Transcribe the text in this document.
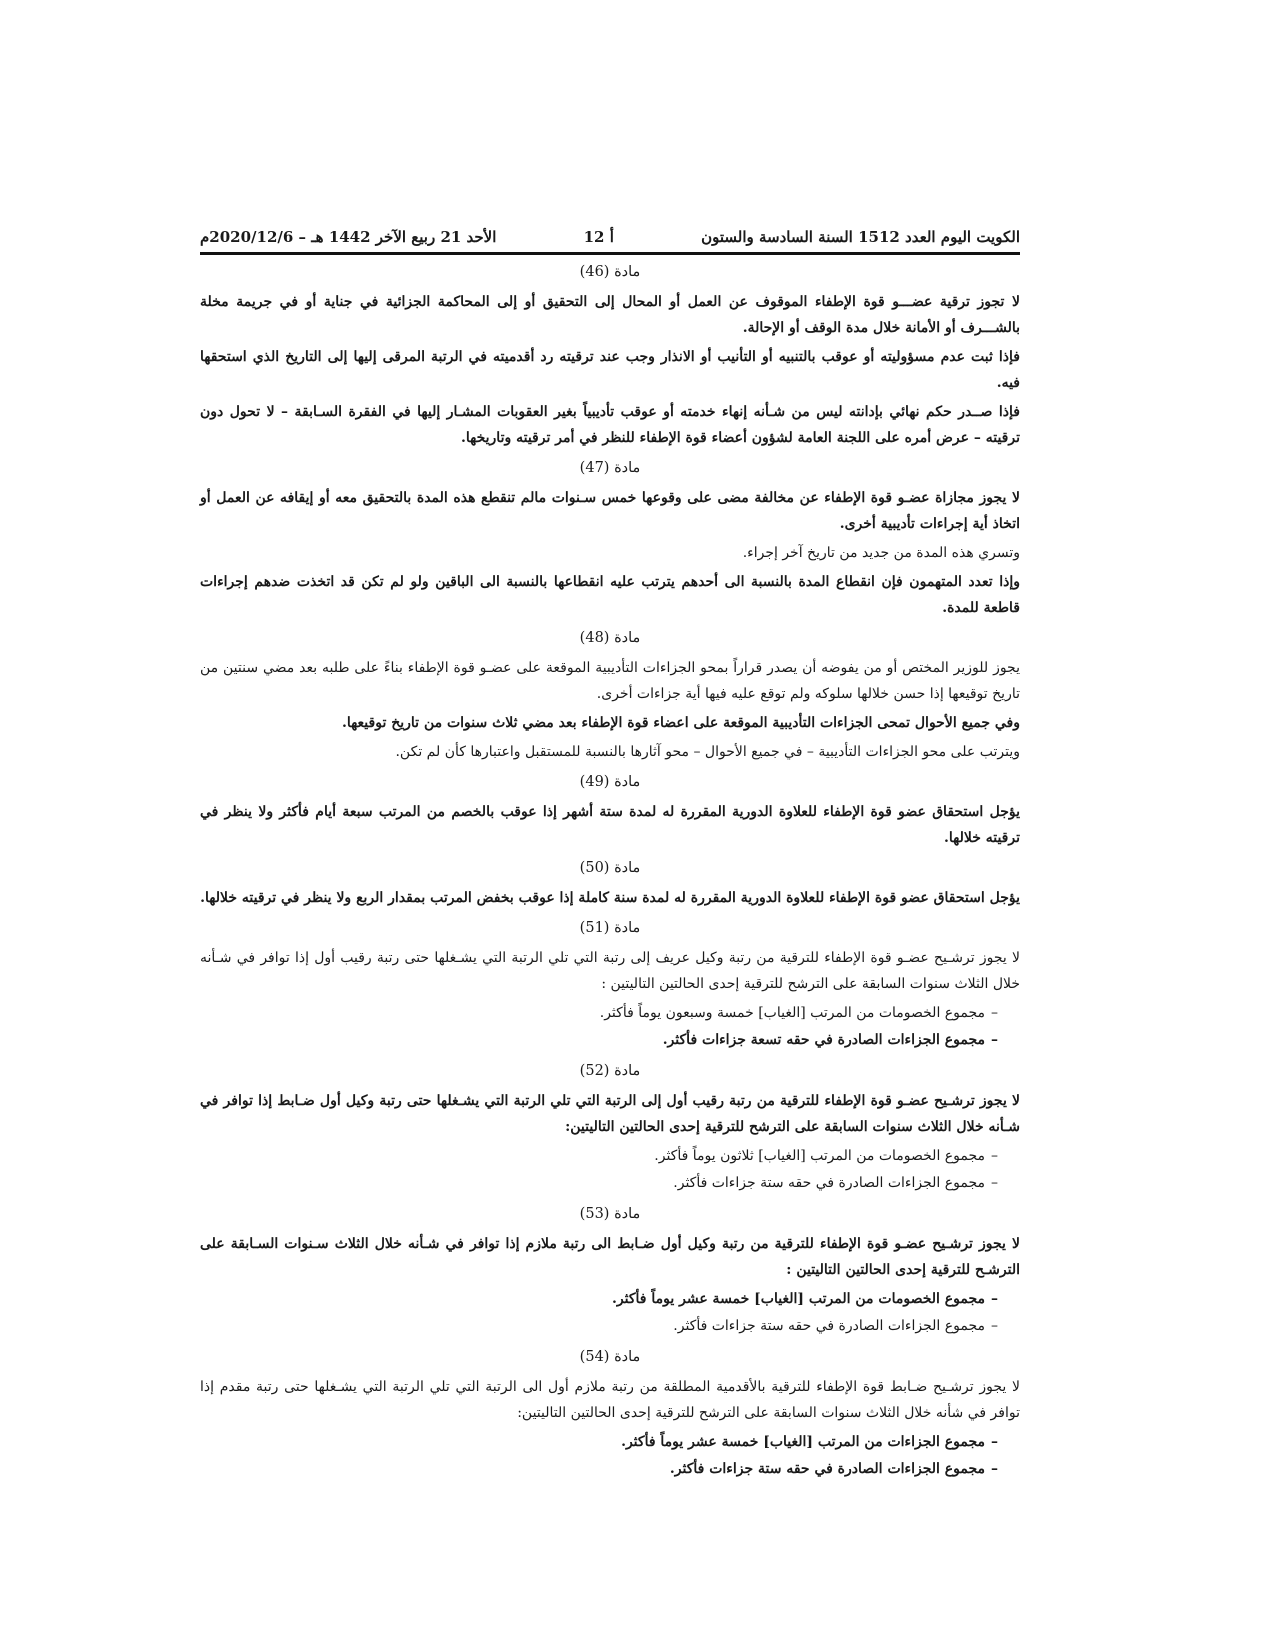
الكويت اليوم العدد 1512 السنة السادسة والستون
أ 12
الأحد 21 ربيع الآخر 1442 هـ – 2020/12/6م
مادة (46)

لا تجوز ترقية عضـــو قوة الإطفاء الموقوف عن العمل أو المحال إلى التحقيق أو إلى المحاكمة الجزائية في جناية أو في جريمة مخلة بالشـــرف أو الأمانة خلال مدة الوقف أو الإحالة.

فإذا ثبت عدم مسؤوليته أو عوقب بالتنبيه أو التأنيب أو الانذار وجب عند ترقيته رد أقدميته في الرتبة المرقى إليها إلى التاريخ الذي استحقها فيه.

فإذا صــدر حكم نهائي بإدانته ليس من شـأنه إنهاء خدمته أو عوقب تأديبياً بغير العقوبات المشـار إليها في الفقرة السـابقة – لا تحول دون ترقيته – عرض أمره على اللجنة العامة لشؤون أعضاء قوة الإطفاء للنظر في أمر ترقيته وتاريخها.

مادة (47)

لا يجوز مجازاة عضـو قوة الإطفاء عن مخالفة مضى على وقوعها خمس سـنوات مالم تنقطع هذه المدة بالتحقيق معه أو إيقافه عن العمل أو اتخاذ أية إجراءات تأديبية أخرى.

وتسري هذه المدة من جديد من تاريخ آخر إجراء.

وإذا تعدد المتهمون فإن انقطاع المدة بالنسبة الى أحدهم يترتب عليه انقطاعها بالنسبة الى الباقين ولو لم تكن قد اتخذت ضدهم إجراءات قاطعة للمدة.

مادة (48)

يجوز للوزير المختص أو من يفوضه أن يصدر قراراً بمحو الجزاءات التأديبية الموقعة على عضـو قوة الإطفاء بناءً على طلبه بعد مضي سنتين من تاريخ توقيعها إذا حسن خلالها سلوكه ولم توقع عليه فيها أية جزاءات أخرى.

وفي جميع الأحوال تمحى الجزاءات التأديبية الموقعة على اعضاء قوة الإطفاء بعد مضي ثلاث سنوات من تاريخ توقيعها.

ويترتب على محو الجزاءات التأديبية – في جميع الأحوال – محو آثارها بالنسبة للمستقبل واعتبارها كأن لم تكن.

مادة (49)

يؤجل استحقاق عضو قوة الإطفاء للعلاوة الدورية المقررة له لمدة ستة أشهر إذا عوقب بالخصم من المرتب سبعة أيام فأكثر ولا ينظر في ترقيته خلالها.

مادة (50)

يؤجل استحقاق عضو قوة الإطفاء للعلاوة الدورية المقررة له لمدة سنة كاملة إذا عوقب بخفض المرتب بمقدار الربع ولا ينظر في ترقيته خلالها.

مادة (51)

لا يجوز ترشـيح عضـو قوة الإطفاء للترقية من رتبة وكيل عريف إلى رتبة التي تلي الرتبة التي يشـغلها حتى رتبة رقيب أول إذا توافر في شـأنه خلال الثلاث سنوات السابقة على الترشح للترقية إحدى الحالتين التاليتين :

–مجموع الخصومات من المرتب [الغياب] خمسة وسبعون يوماً فأكثر.
–مجموع الجزاءات الصادرة في حقه تسعة جزاءات فأكثر.
مادة (52)

لا يجوز ترشـيح عضـو قوة الإطفاء للترقية من رتبة رقيب أول إلى الرتبة التي تلي الرتبة التي يشـغلها حتى رتبة وكيل أول ضـابط إذا توافر في شـأنه خلال الثلاث سنوات السابقة على الترشح للترقية إحدى الحالتين التاليتين:

–مجموع الخصومات من المرتب [الغياب] ثلاثون يوماً فأكثر.
–مجموع الجزاءات الصادرة في حقه ستة جزاءات فأكثر.
مادة (53)

لا يجوز ترشـيح عضـو قوة الإطفاء للترقية من رتبة وكيل أول ضـابط الى رتبة ملازم إذا توافر في شـأنه خلال الثلاث سـنوات السـابقة على الترشـح للترقية إحدى الحالتين التاليتين :

–مجموع الخصومات من المرتب [الغياب] خمسة عشر يوماً فأكثر.
–مجموع الجزاءات الصادرة في حقه ستة جزاءات فأكثر.
مادة (54)

لا يجوز ترشـيح ضـابط قوة الإطفاء للترقية بالأقدمية المطلقة من رتبة ملازم أول الى الرتبة التي تلي الرتبة التي يشـغلها حتى رتبة مقدم إذا توافر في شأنه خلال الثلاث سنوات السابقة على الترشح للترقية إحدى الحالتين التاليتين:

–مجموع الجزاءات من المرتب [الغياب] خمسة عشر يوماً فأكثر.
–مجموع الجزاءات الصادرة في حقه ستة جزاءات فأكثر.
